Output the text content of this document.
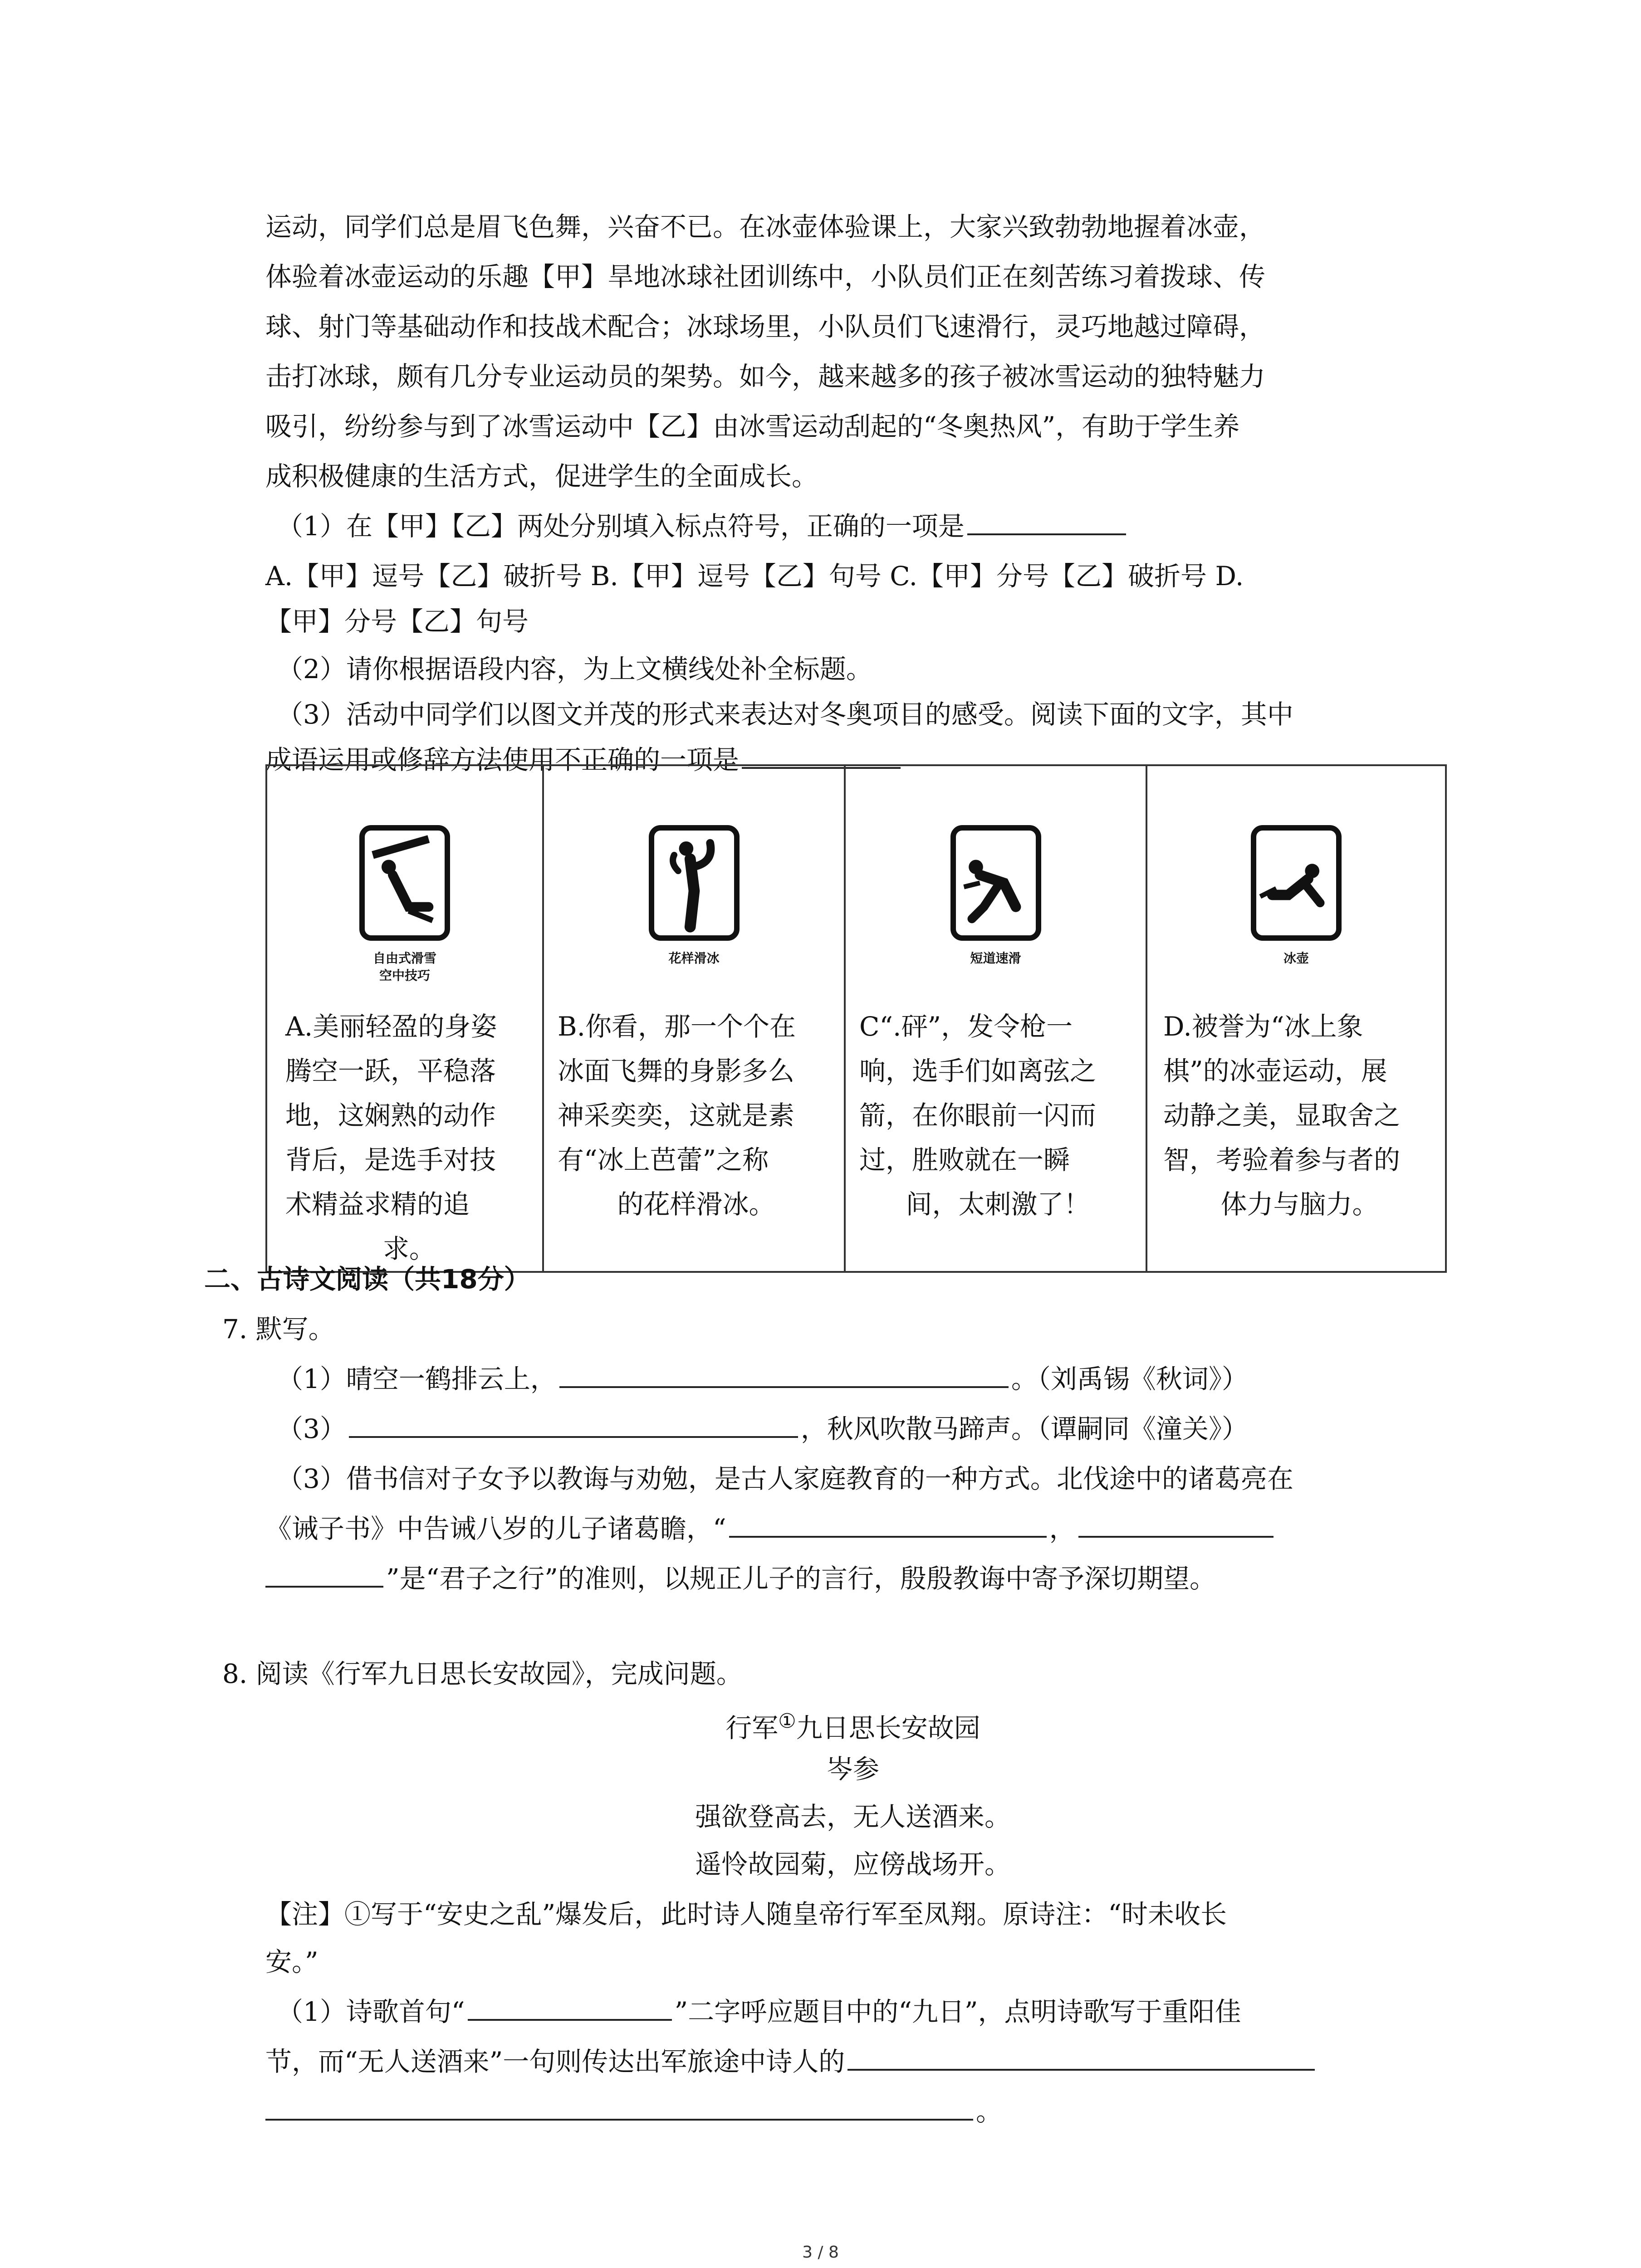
运动，同学们总是眉飞色舞，兴奋不已。在冰壶体验课上，大家兴致勃勃地握着冰壶，
体验着冰壶运动的乐趣【甲】旱地冰球社团训练中，小队员们正在刻苦练习着拨球、传
球、射门等基础动作和技战术配合；冰球场里，小队员们飞速滑行，灵巧地越过障碍，
击打冰球，颇有几分专业运动员的架势。如今，越来越多的孩子被冰雪运动的独特魅力
吸引，纷纷参与到了冰雪运动中【乙】由冰雪运动刮起的“冬奥热风”，有助于学生养
成积极健康的生活方式，促进学生的全面成长。
（1）在【甲】【乙】两处分别填入标点符号，正确的一项是
A.【甲】逗号【乙】破折号 B.【甲】逗号【乙】句号 C.【甲】分号【乙】破折号 D.
【甲】分号【乙】句号
（2）请你根据语段内容，为上文横线处补全标题。
（3）活动中同学们以图文并茂的形式来表达对冬奥项目的感受。阅读下面的文字，其中
成语运用或修辞方法使用不正确的一项是
自由式滑雪
空中技巧
A.美丽轻盈的身姿
腾空一跃，平稳落
地，这娴熟的动作
背后，是选手对技
术精益求精的追
求。

花样滑冰
B.你看，那一个个在
冰面飞舞的身影多么
神采奕奕，这就是素
有“冰上芭蕾”之称
的花样滑冰。

短道速滑
C“.砰”，发令枪一
响，选手们如离弦之
箭，在你眼前一闪而
过，胜败就在一瞬
间，太刺激了！

冰壶
D.被誉为“冰上象
棋”的冰壶运动，展
动静之美，显取舍之
智，考验着参与者的
体力与脑力。
二、古诗文阅读（共18分）
7. 默写。
（1）晴空一鹤排云上，	。（刘禹锡《秋词》）
（3）	，秋风吹散马蹄声。（谭嗣同《潼关》）
（3）借书信对子女予以教诲与劝勉，是古人家庭教育的一种方式。北伐途中的诸葛亮在
《诫子书》中告诫八岁的儿子诸葛瞻，“	，
”是“君子之行”的准则，以规正儿子的言行，殷殷教诲中寄予深切期望。
8. 阅读《行军九日思长安故园》，完成问题。
行军①九日思长安故园
岑参
强欲登高去，无人送酒来。
遥怜故园菊，应傍战场开。
【注】①写于“安史之乱”爆发后，此时诗人随皇帝行军至凤翔。原诗注：“时未收长
安。”
（1）诗歌首句“	”二字呼应题目中的“九日”，点明诗歌写于重阳佳
节，而“无人送酒来”一句则传达出军旅途中诗人的
。
3 / 8
